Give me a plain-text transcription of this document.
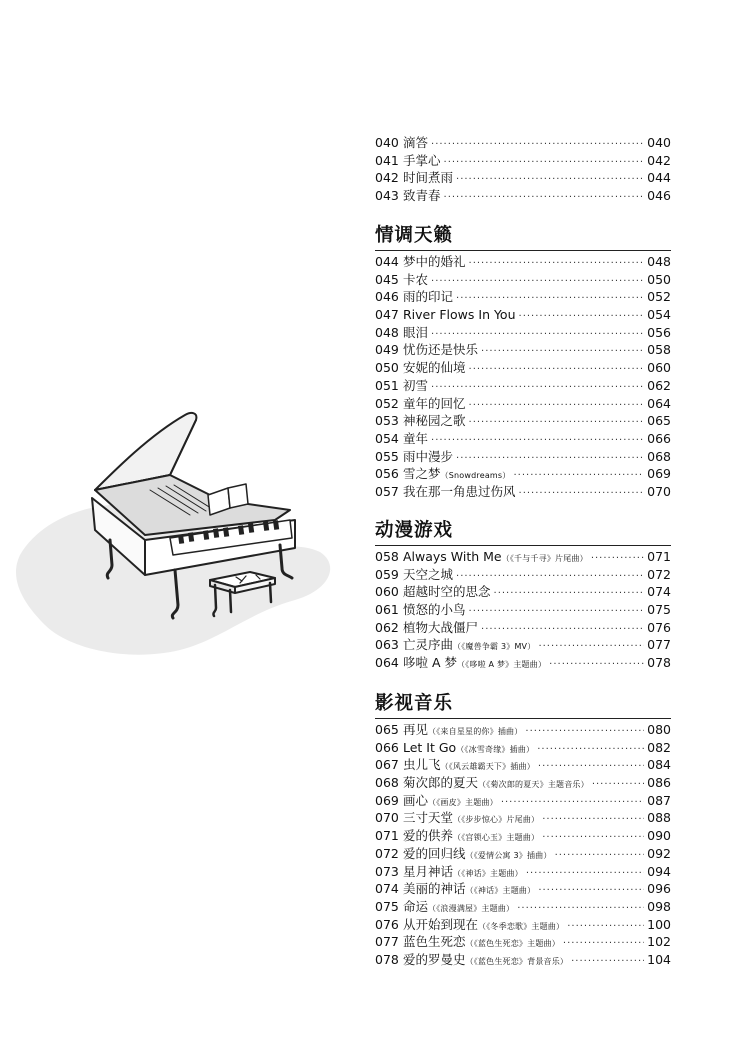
040 滴答 ·····	040
041 手掌心 ·····	042
042 时间煮雨 ·····	044
043 致青春 ·····	046
情调天籁
044 梦中的婚礼 ·····	048
045 卡农 ·····	050
046 雨的印记 ·····	052
047 River Flows In You ·····	054
048 眼泪 ·····	056
049 忧伤还是快乐 ·····	058
050 安妮的仙境 ·····	060
051 初雪 ·····	062
052 童年的回忆 ·····	064
053 神秘园之歌 ·····	065
054 童年 ·····	066
055 雨中漫步 ·····	068
056 雪之梦 （Snowdreams） ·····	069
057 我在那一角患过伤风 ·····	070
动漫游戏
058 Always With Me （《千与千寻》片尾曲） ·····	071
059 天空之城 ·····	072
060 超越时空的思念 ·····	074
061 愤怒的小鸟 ·····	075
062 植物大战僵尸 ·····	076
063 亡灵序曲 （《魔兽争霸 3》MV） ·····	077
064 哆啦 A 梦 （《哆啦 A 梦》主题曲） ·····	078
影视音乐
065 再见 （《来自星星的你》插曲） ·····	080
066 Let It Go （《冰雪奇缘》插曲） ·····	082
067 虫儿飞 （《风云雄霸天下》插曲） ·····	084
068 菊次郎的夏天 （《菊次郎的夏天》主题音乐） ·····	086
069 画心 （《画皮》主题曲） ·····	087
070 三寸天堂 （《步步惊心》片尾曲） ·····	088
071 爱的供养 （《宫锁心玉》主题曲） ·····	090
072 爱的回归线 （《爱情公寓 3》插曲） ·····	092
073 星月神话 （《神话》主题曲） ·····	094
074 美丽的神话 （《神话》主题曲） ·····	096
075 命运 （《浪漫满屋》主题曲） ·····	098
076 从开始到现在 （《冬季恋歌》主题曲） ·····	100
077 蓝色生死恋 （《蓝色生死恋》主题曲） ·····	102
078 爱的罗曼史 （《蓝色生死恋》背景音乐） ·····	104
